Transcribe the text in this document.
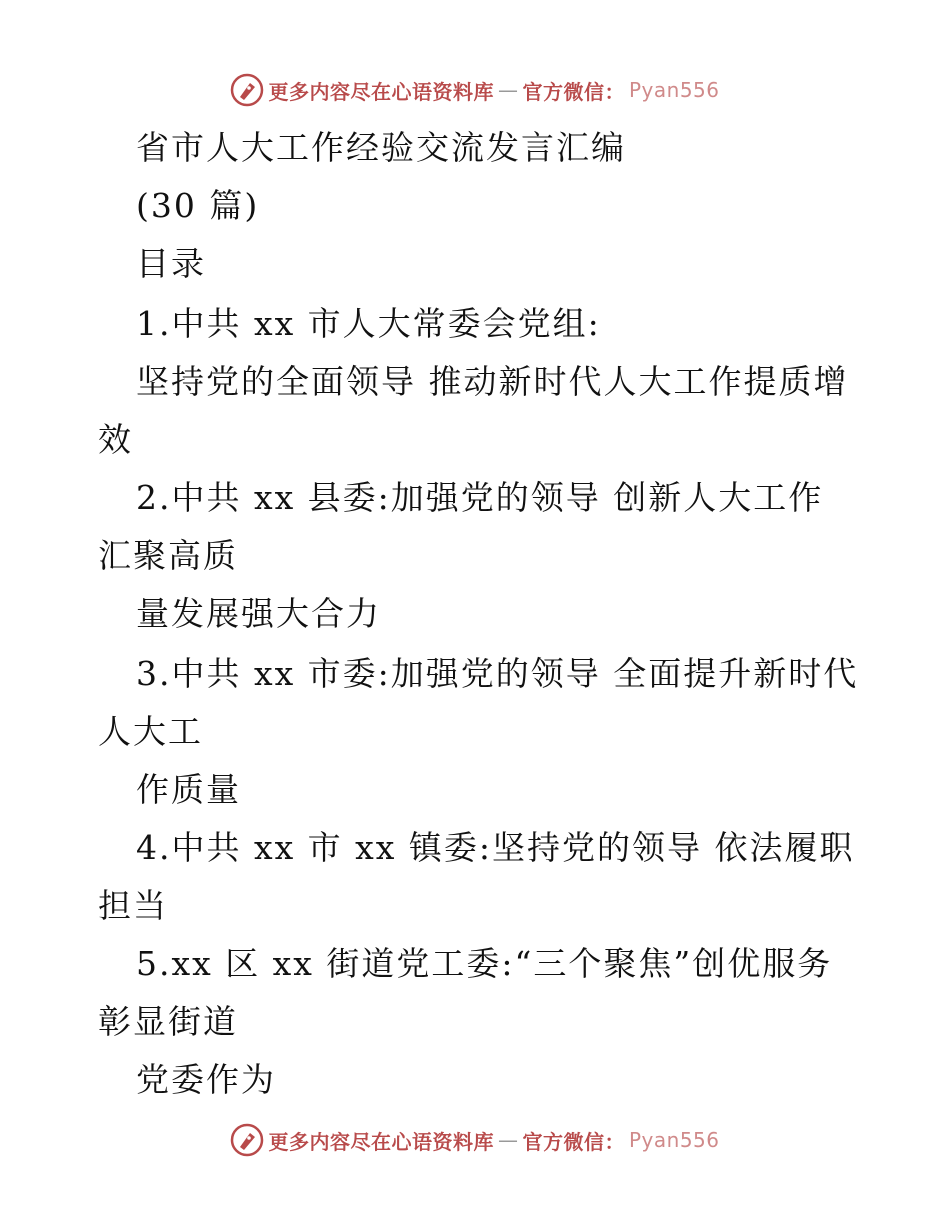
更多内容尽在心语资料库 — 官方微信： Pyan556
省市人大工作经验交流发言汇编
(30 篇)
目录
1.中共 xx 市人大常委会党组:
坚持党的全面领导 推动新时代人大工作提质增
效
2.中共 xx 县委:加强党的领导 创新人大工作
汇聚高质
量发展强大合力
3.中共 xx 市委:加强党的领导 全面提升新时代
人大工
作质量
4.中共 xx 市 xx 镇委:坚持党的领导 依法履职
担当
5.xx 区 xx 街道党工委:“三个聚焦”创优服务
彰显街道
党委作为
更多内容尽在心语资料库 — 官方微信： Pyan556
